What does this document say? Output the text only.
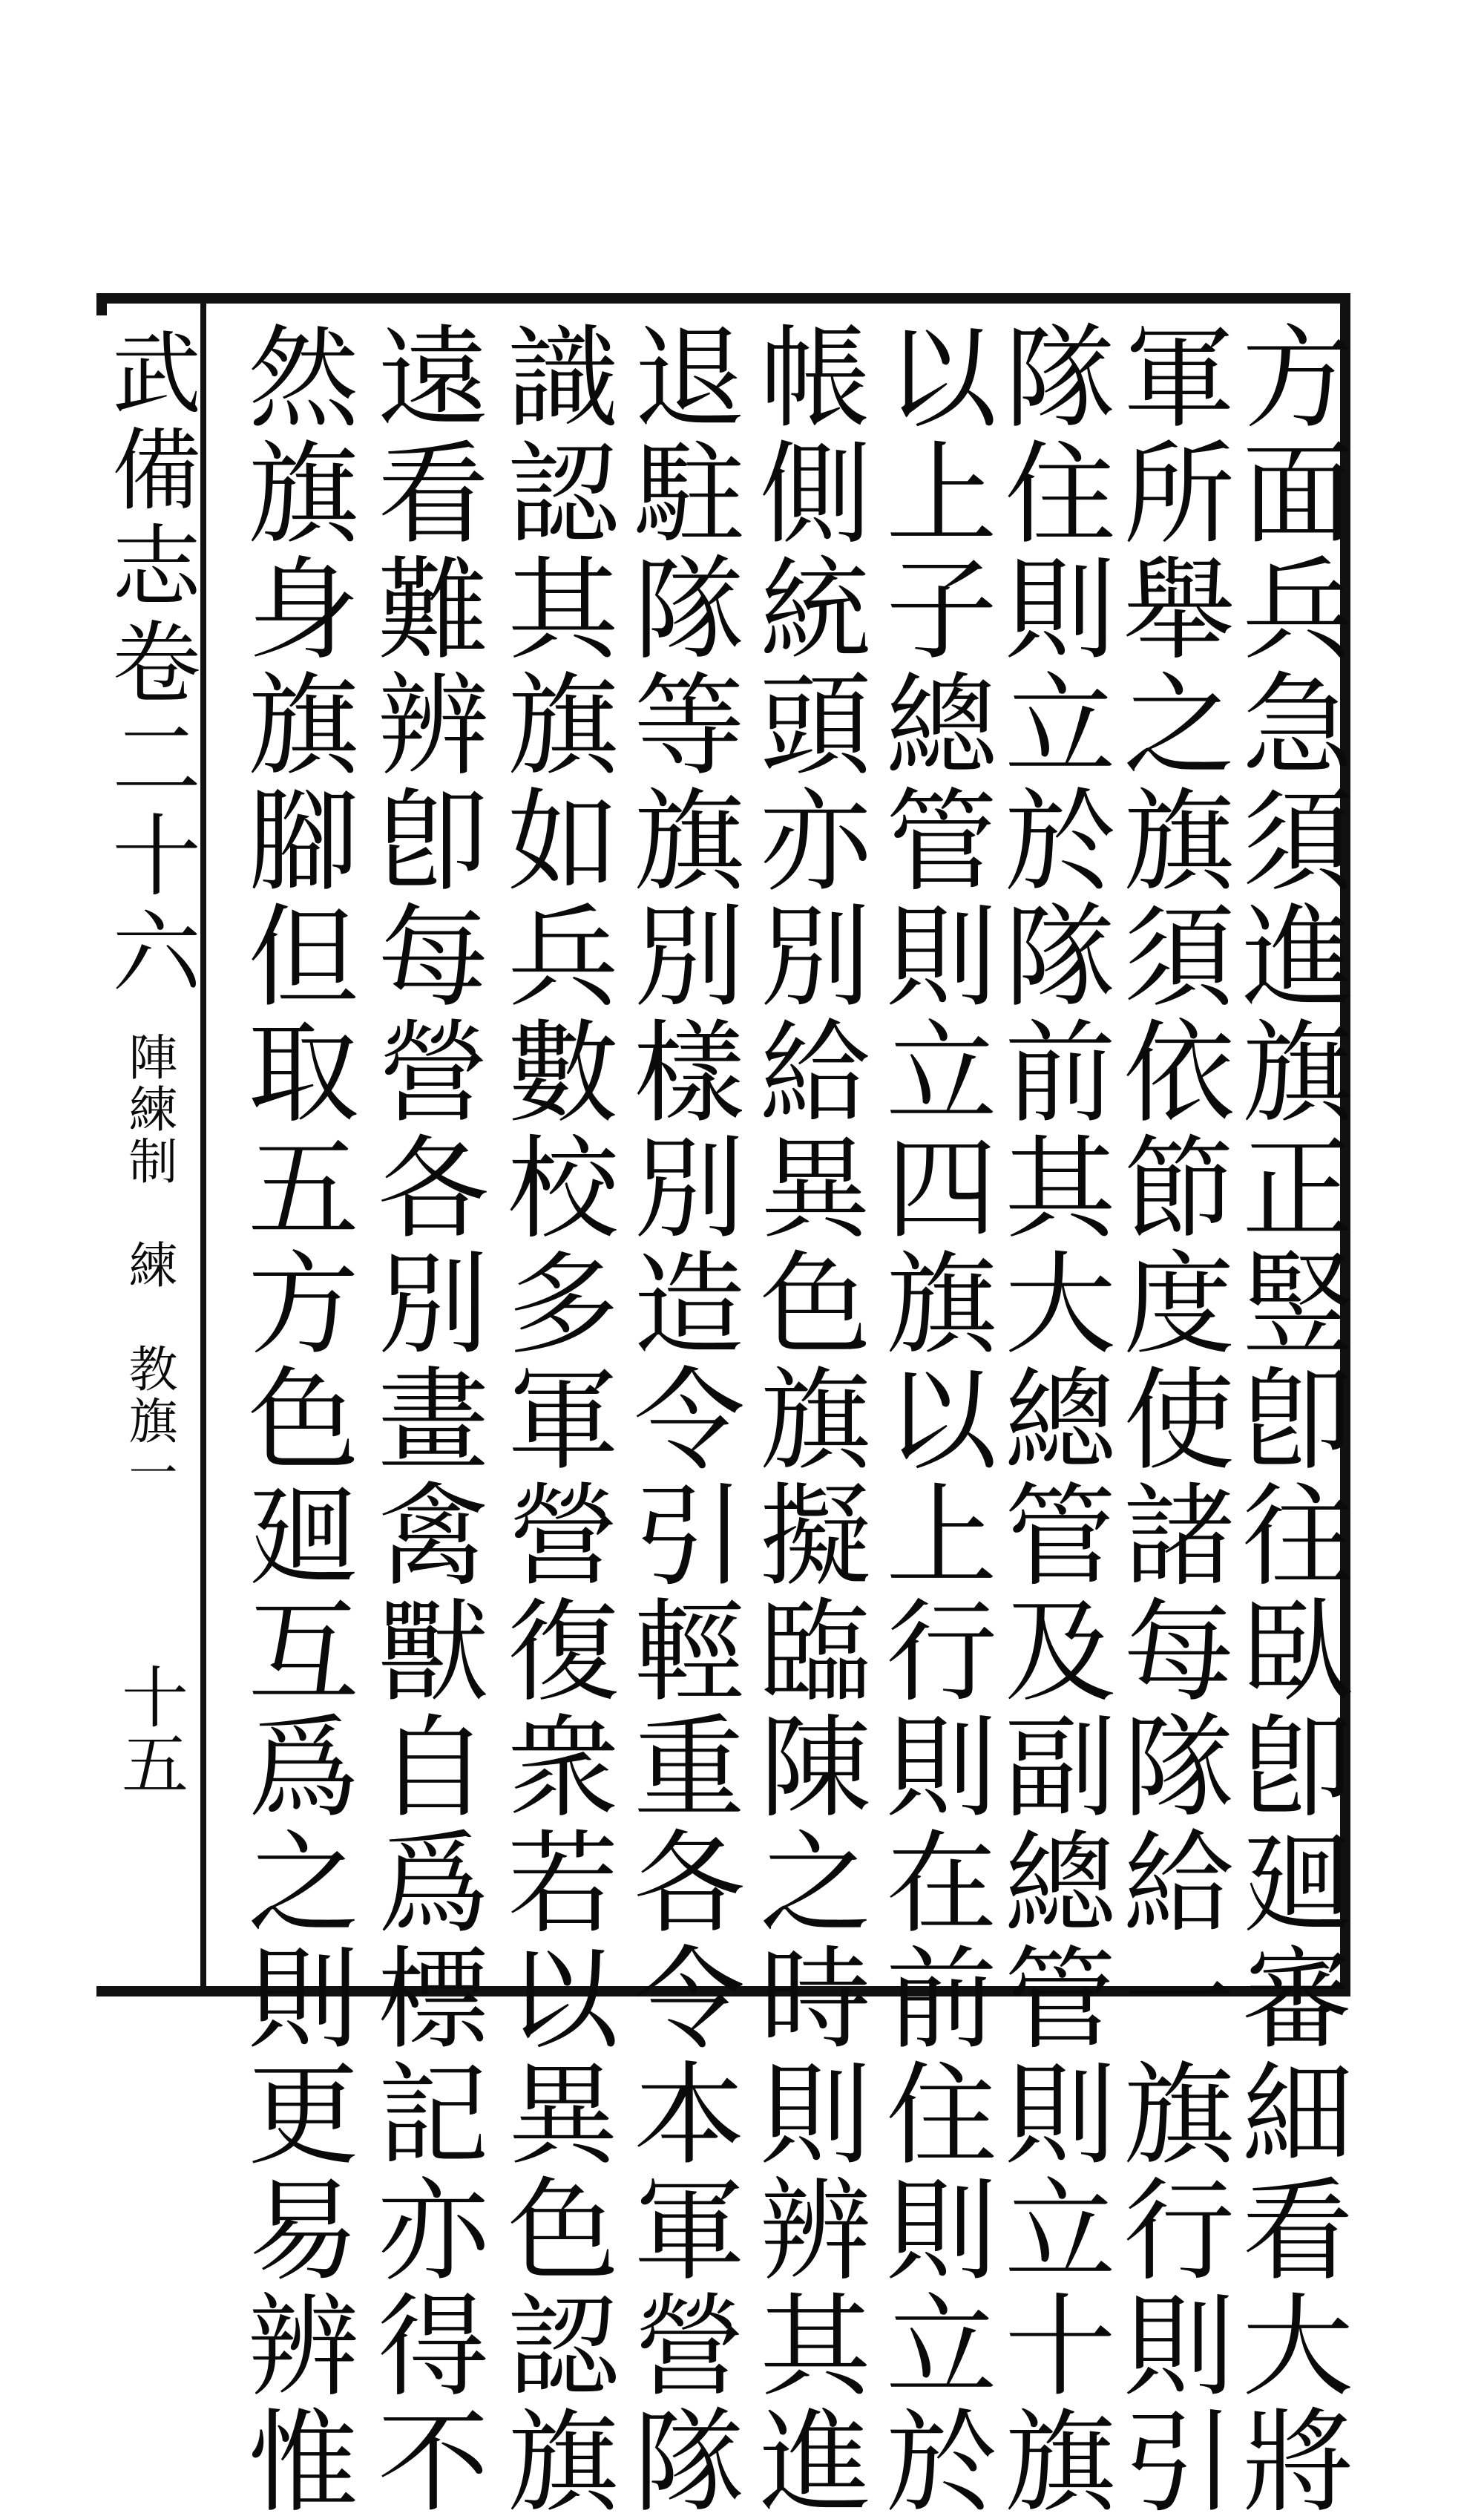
方面兵急須進旗正竪卽往臥卽廻審細看大將
軍所舉之旗須依節度使諸每隊給一旗行則引
隊住則立於隊前其大總管及副總管則立十旗
以上子總管則立四旗以上行則在前住則立於
帳側統頭亦別給異色旗擬臨陳之時則辨其進
退駐隊等旗別樣別造令引輕重各令本軍營隊
識認其旗如兵數校多軍營復衆若以異色認旗
遠看難辨卽每營各別畫禽獸自爲標記亦得不
然旗身旗腳但取五方色廻互爲之則更易辨惟
武備志卷二十六陣練制練教旗一十五
